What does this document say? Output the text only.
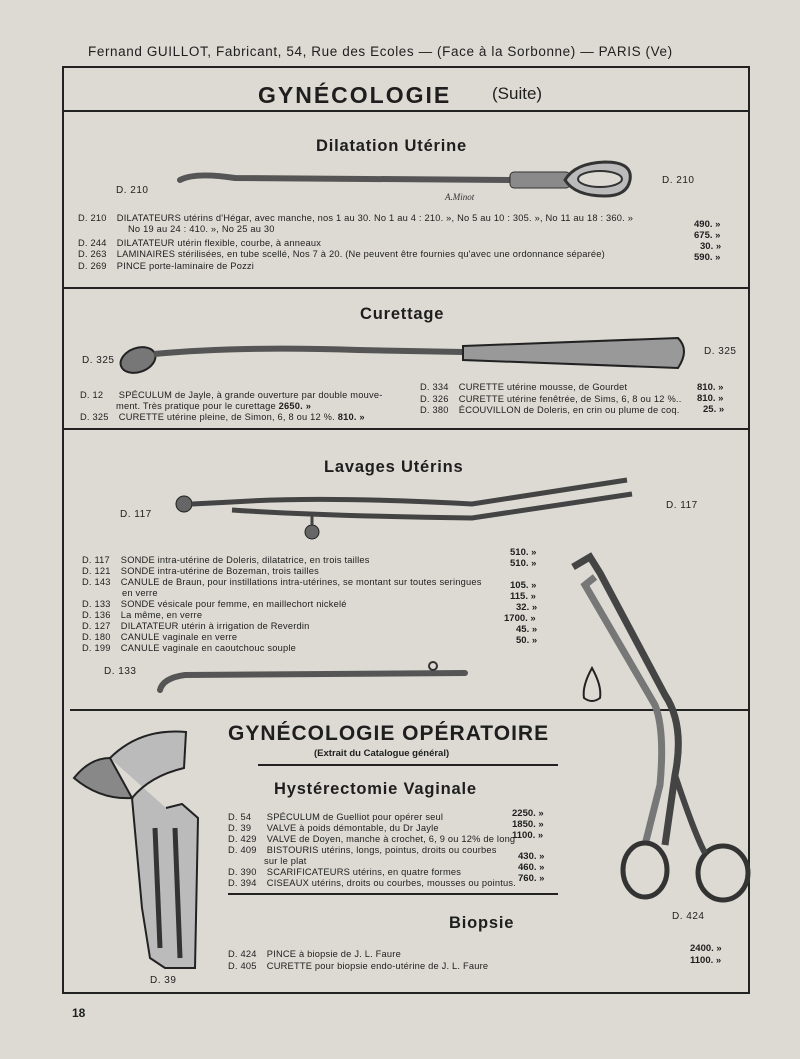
Fernand GUILLOT, Fabricant, 54, Rue des Ecoles — (Face à la Sorbonne) — PARIS (Ve)
GYNÉCOLOGIE (Suite)
Dilatation Utérine
D. 210
D. 210
A.Minot
D. 210 DILATATEURS utérins d'Hégar, avec manche, nos 1 au 30. No 1 au 4 : 210. », No 5 au 10 : 305. », No 11 au 18 : 360. »
No 19 au 24 : 410. », No 25 au 30
D. 244 DILATATEUR utérin flexible, courbe, à anneaux
D. 263 LAMINAIRES stérilisées, en tube scellé, Nos 7 à 20. (Ne peuvent être fournies qu'avec une ordonnance séparée)
D. 269 PINCE porte-laminaire de Pozzi
490. »
675. »
30. »
590. »
Curettage
D. 325
D. 325
D. 12 SPÉCULUM de Jayle, à grande ouverture par double mouve-
ment. Très pratique pour le curettage 2650. »
D. 325 CURETTE utérine pleine, de Simon, 6, 8 ou 12 %. 810. »
D. 334 CURETTE utérine mousse, de Gourdet
D. 326 CURETTE utérine fenêtrée, de Sims, 6, 8 ou 12 %..
D. 380 ÉCOUVILLON de Doleris, en crin ou plume de coq.
810. »
810. »
25. »
Lavages Utérins
D. 117
D. 117
D. 117 SONDE intra-utérine de Doleris, dilatatrice, en trois tailles
D. 121 SONDE intra-utérine de Bozeman, trois tailles
D. 143 CANULE de Braun, pour instillations intra-utérines, se montant sur toutes seringues
en verre
D. 133 SONDE vésicale pour femme, en maillechort nickelé
D. 136 La même, en verre
D. 127 DILATATEUR utérin à irrigation de Reverdin
D. 180 CANULE vaginale en verre
D. 199 CANULE vaginale en caoutchouc souple
510. »
510. »
105. »
115. »
32. »
1700. »
45. »
50. »
D. 133
D. 424
GYNÉCOLOGIE OPÉRATOIRE
(Extrait du Catalogue général)
D. 39
Hystérectomie Vaginale
D. 54 SPÉCULUM de Guelliot pour opérer seul
D. 39 VALVE à poids démontable, du Dr Jayle
D. 429 VALVE de Doyen, manche à crochet, 6, 9 ou 12% de long
D. 409 BISTOURIS utérins, longs, pointus, droits ou courbes
sur le plat
D. 390 SCARIFICATEURS utérins, en quatre formes
D. 394 CISEAUX utérins, droits ou courbes, mousses ou pointus.
2250. »
1850. »
1100. »
430. »
460. »
760. »
Biopsie
D. 424 PINCE à biopsie de J. L. Faure
D. 405 CURETTE pour biopsie endo-utérine de J. L. Faure
2400. »
1100. »
18
